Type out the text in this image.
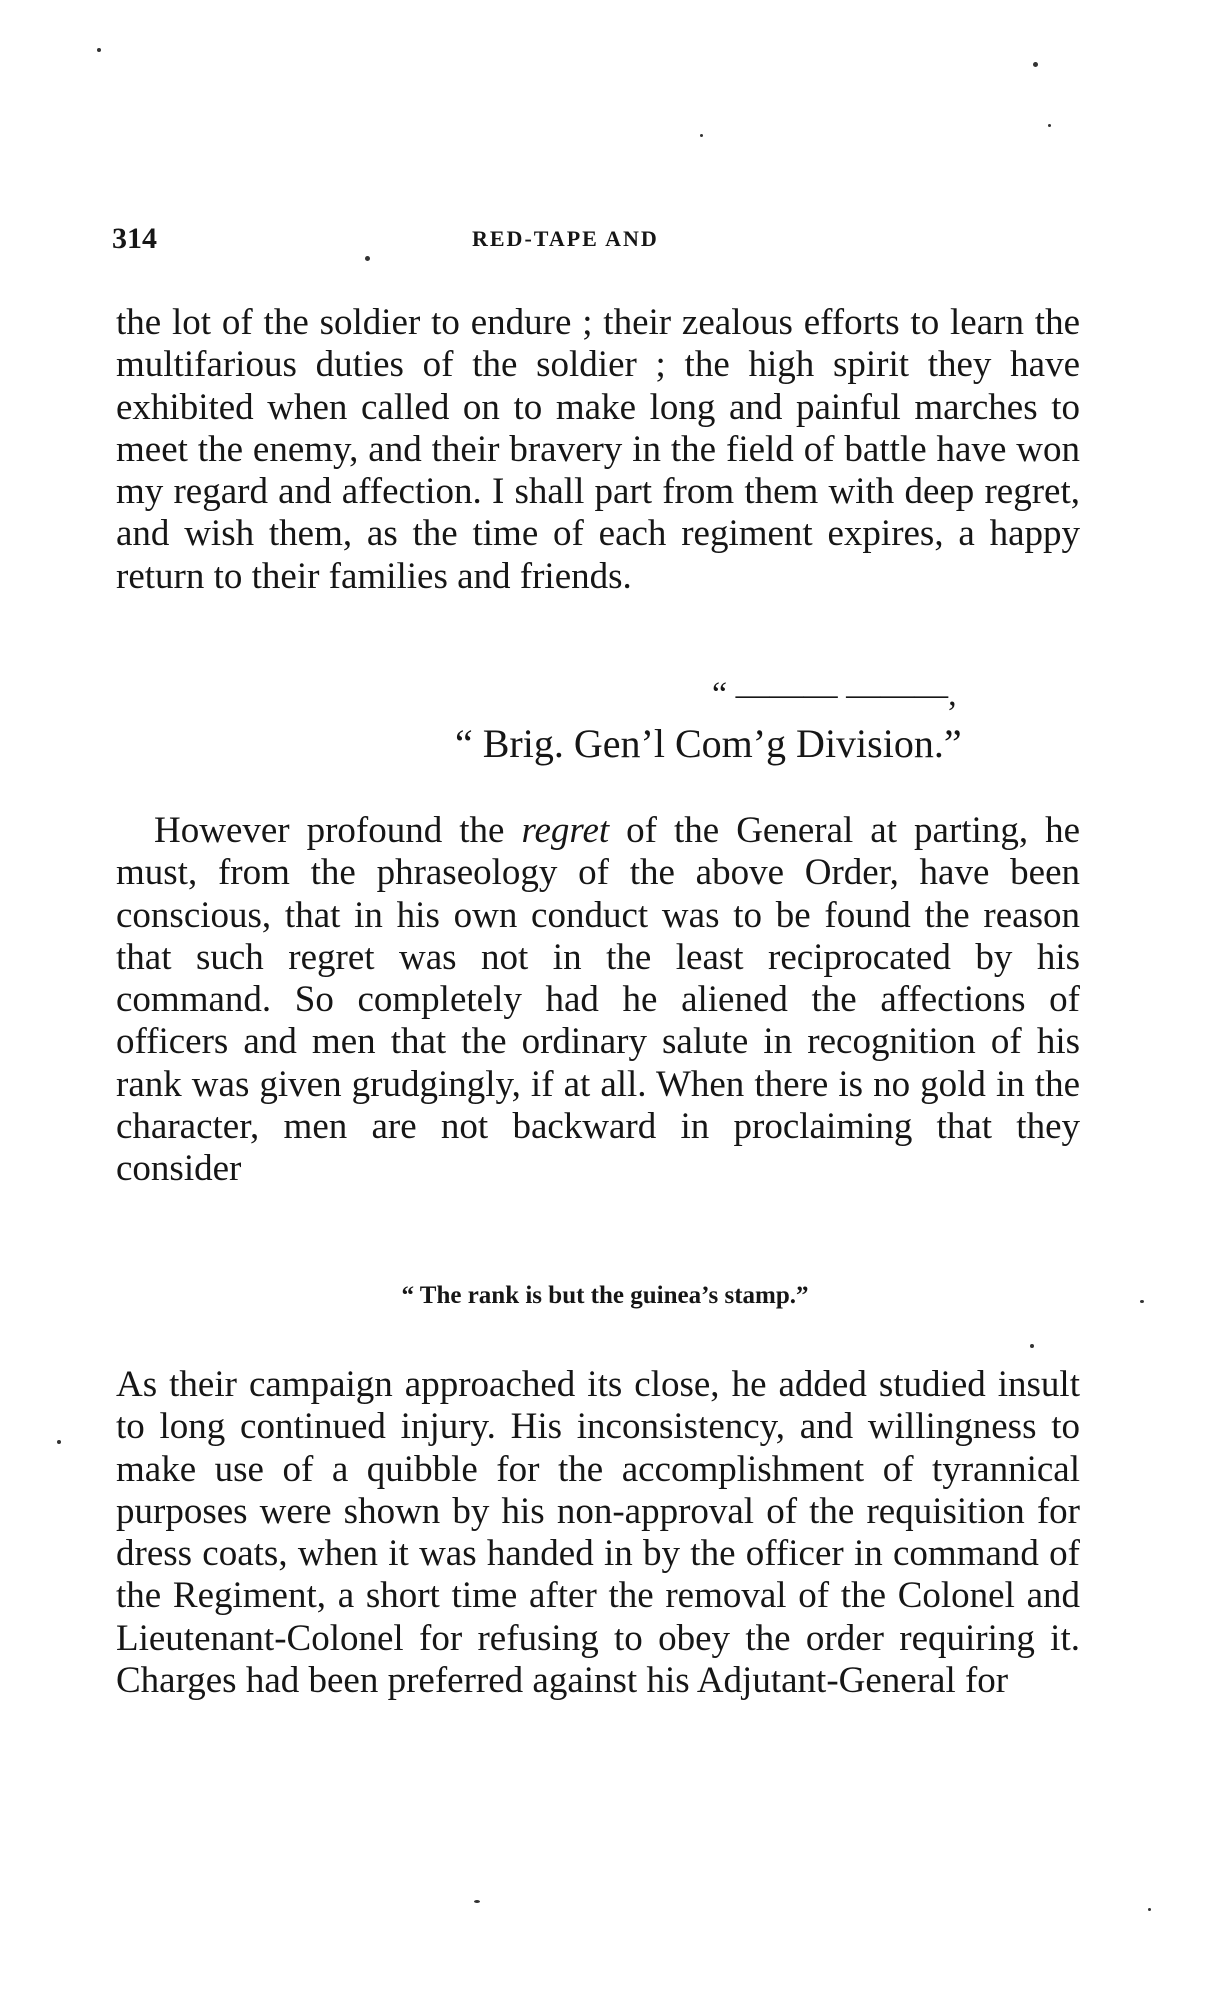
314	RED-TAPE AND

the lot of the soldier to endure ; their zealous efforts to learn the multifarious duties of the soldier ; the high spirit they have exhibited when called on to make long and painful marches to meet the enemy, and their bravery in the field of battle have won my regard and affection. I shall part from them with deep regret, and wish them, as the time of each regiment expires, a happy return to their families and friends.

“ ——— ———,
“ Brig. Gen’l Com’g Division.”

However profound the regret of the General at parting, he must, from the phraseology of the above Order, have been conscious, that in his own conduct was to be found the reason that such regret was not in the least reciprocated by his command. So completely had he aliened the affections of officers and men that the ordinary salute in recognition of his rank was given grudgingly, if at all. When there is no gold in the character, men are not backward in proclaiming that they consider

“ The rank is but the guinea’s stamp.”

As their campaign approached its close, he added studied insult to long continued injury. His inconsistency, and willingness to make use of a quibble for the accomplishment of tyrannical purposes were shown by his non-approval of the requisition for dress coats, when it was handed in by the officer in command of the Regiment, a short time after the removal of the Colonel and Lieutenant-Colonel for refusing to obey the order requiring it. Charges had been preferred against his Adjutant-General for
